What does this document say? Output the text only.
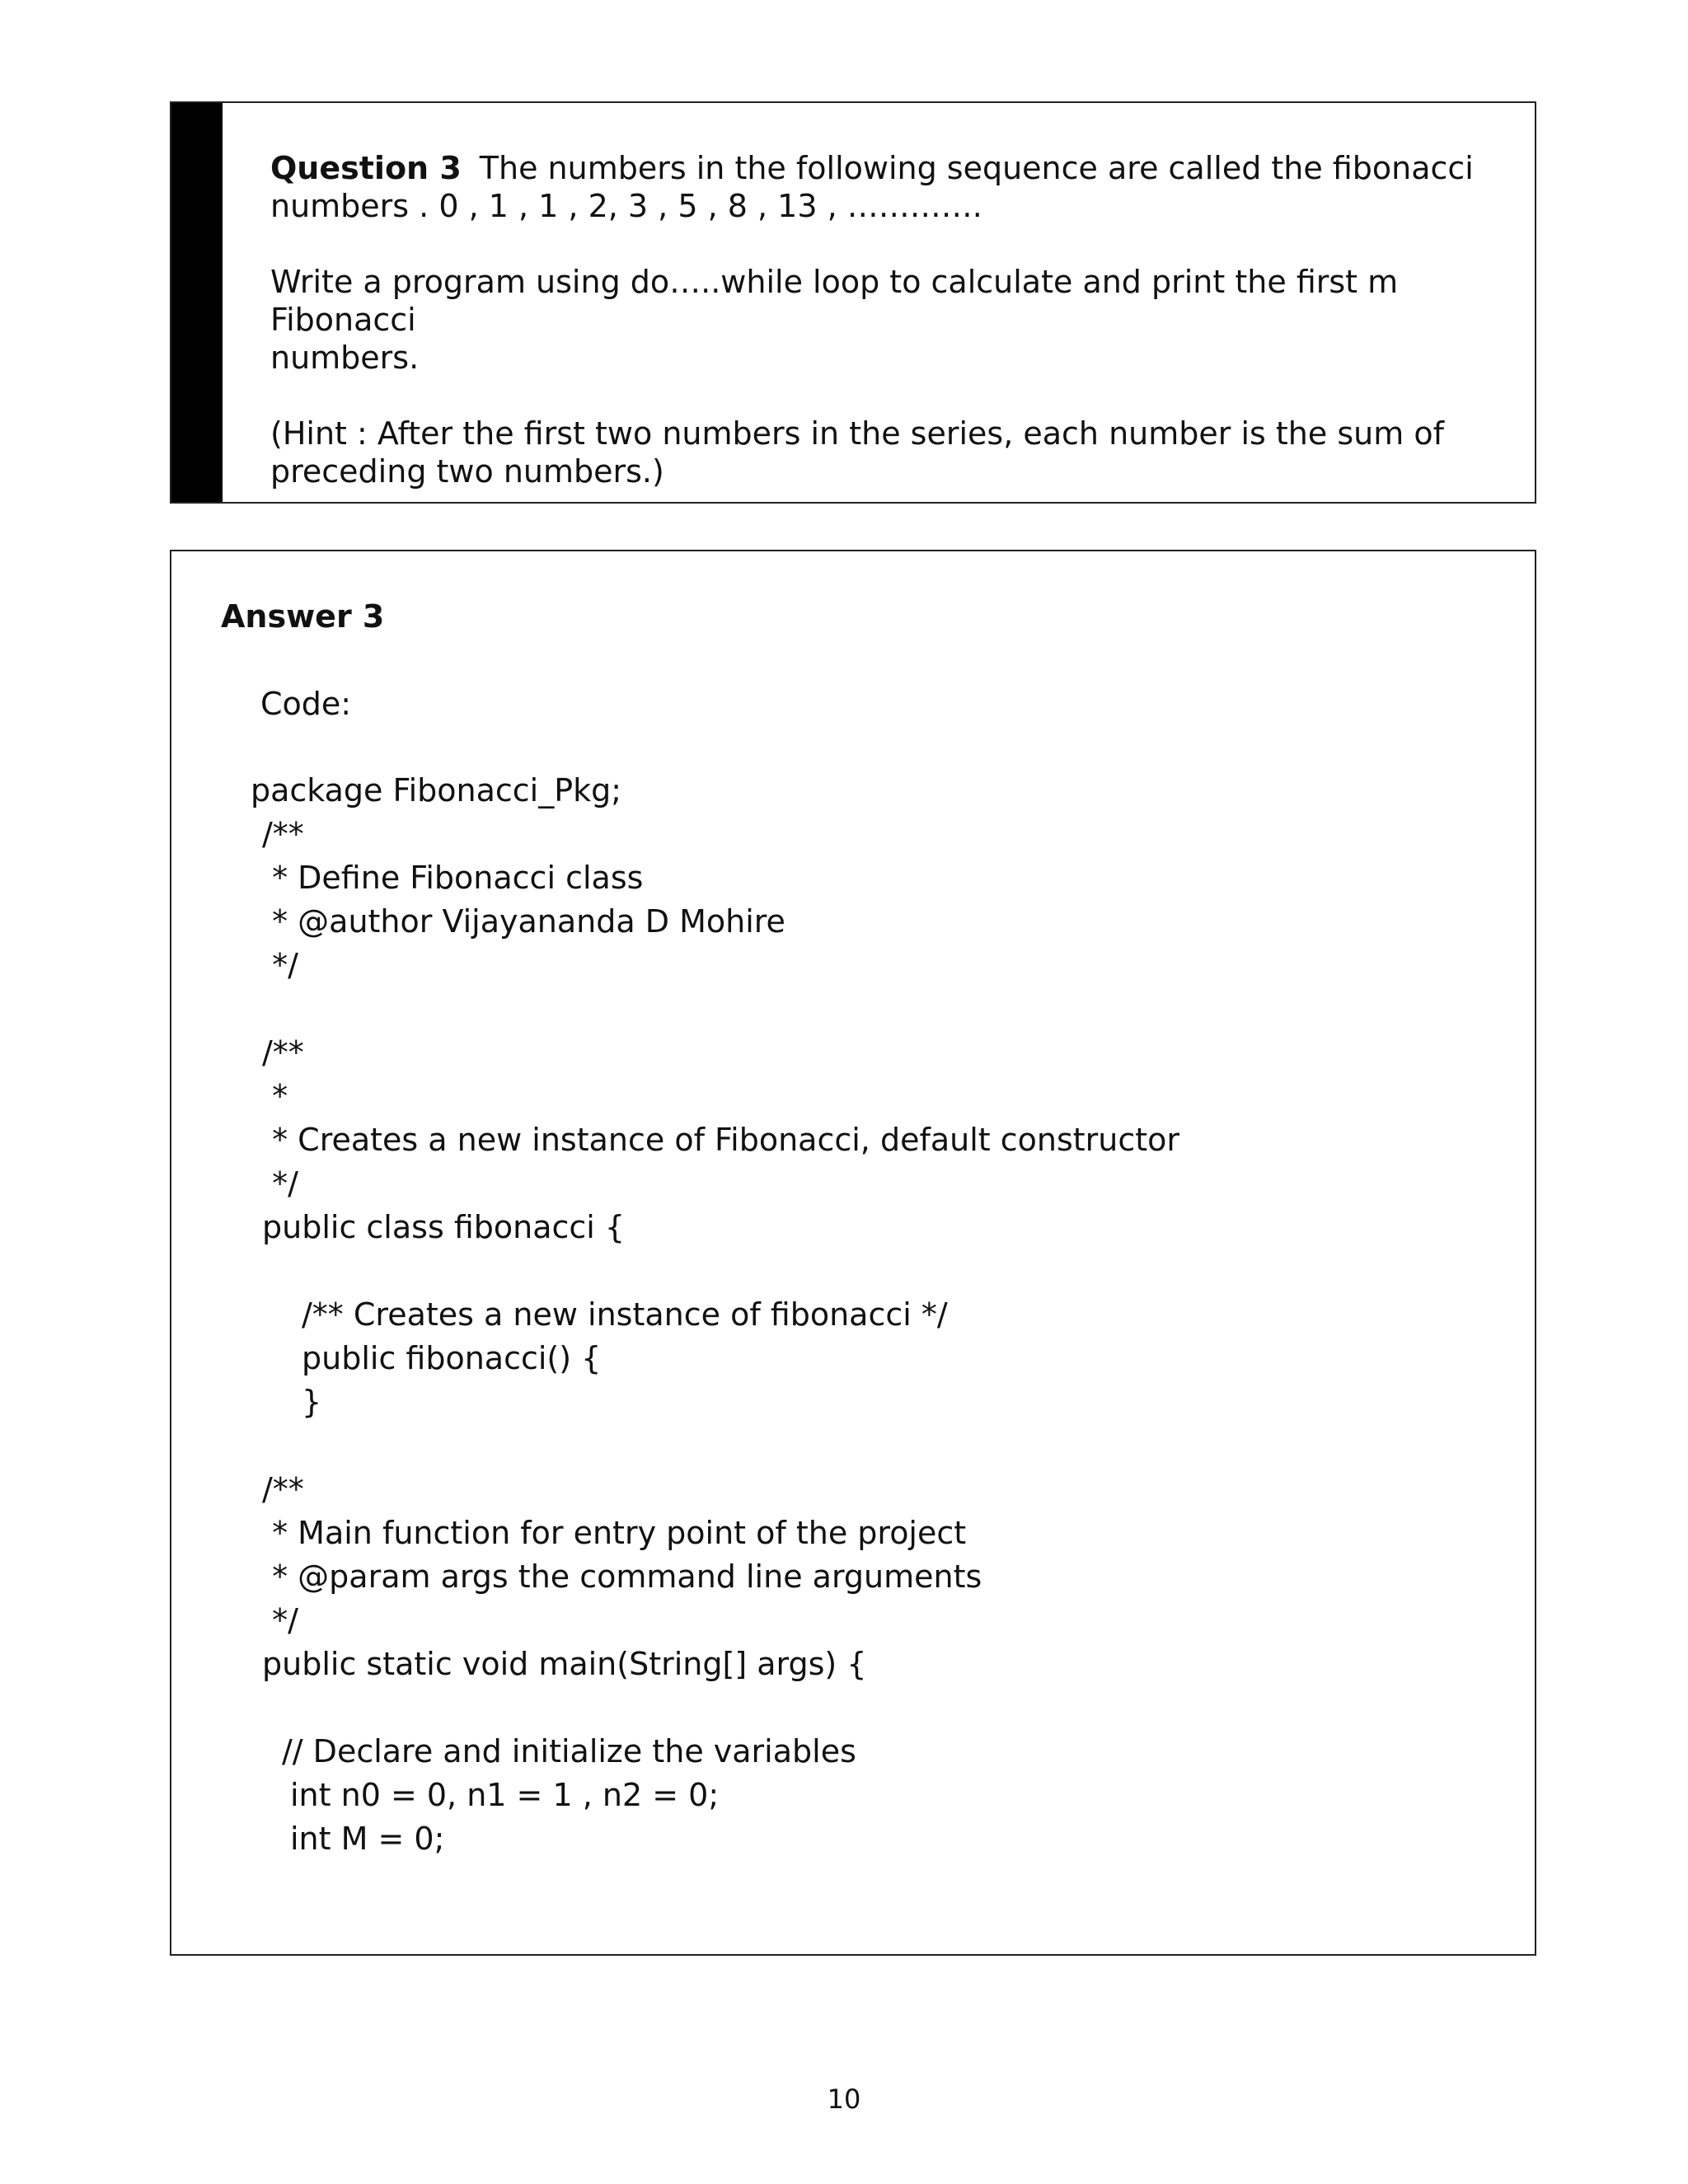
Question 3 The numbers in the following sequence are called the fibonacci
numbers . 0 , 1 , 1 , 2, 3 , 5 , 8 , 13 , ………….

Write a program using do…..while loop to calculate and print the first m Fibonacci
numbers.

(Hint : After the first two numbers in the series, each number is the sum of
preceding two numbers.)

Answer 3
Code:
package Fibonacci_Pkg;
/**
* Define Fibonacci class
* @author Vijayananda D Mohire
*/
/**
*
* Creates a new instance of Fibonacci, default constructor
*/
public class fibonacci {
/** Creates a new instance of fibonacci */
public fibonacci() {
}
/**
* Main function for entry point of the project
* @param args the command line arguments
*/
public static void main(String[] args) {
// Declare and initialize the variables
int n0 = 0, n1 = 1 , n2 = 0;
int M = 0;
10
